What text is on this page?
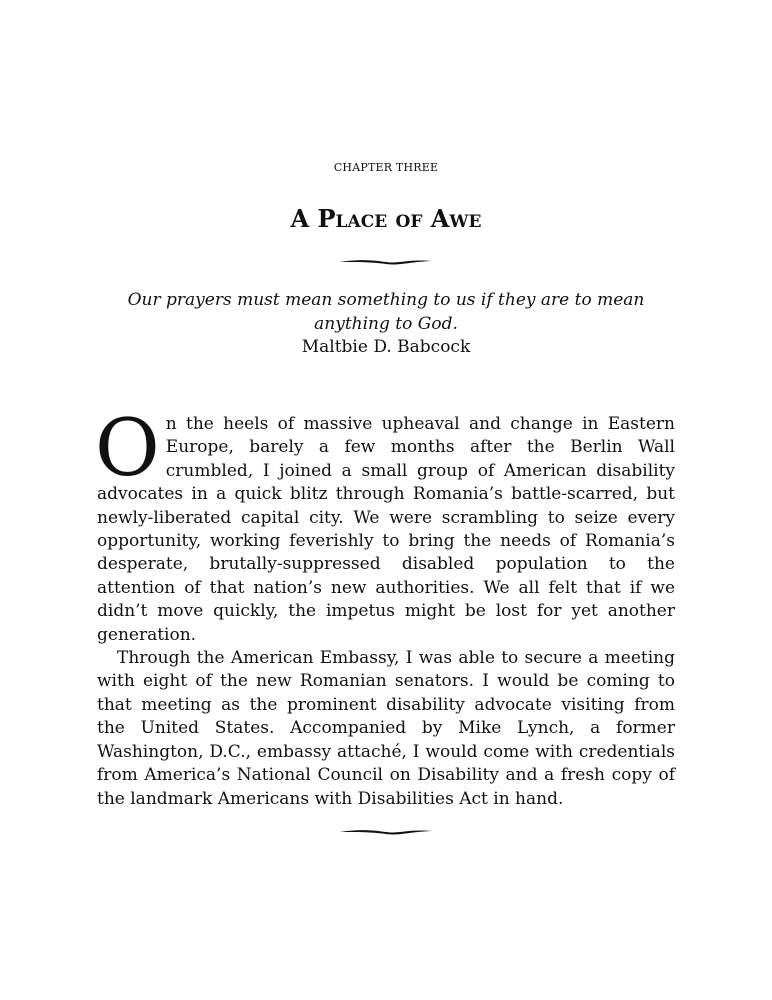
CHAPTER THREE
A Place of Awe
Our prayers must mean something to us if they are to mean anything to God.
Maltbie D. Babcock

On the heels of massive upheaval and change in Eastern Europe, barely a few months after the Berlin Wall crumbled, I joined a small group of American disability advocates in a quick blitz through Romania’s battle-scarred, but newly-liberated capital city. We were scrambling to seize every opportunity, working feverishly to bring the needs of Romania’s desperate, brutally-suppressed disabled population to the attention of that nation’s new authorities. We all felt that if we didn’t move quickly, the impetus might be lost for yet another generation.

Through the American Embassy, I was able to secure a meeting with eight of the new Romanian senators. I would be coming to that meeting as the prominent disability advocate visiting from the United States. Accompanied by Mike Lynch, a former Washington, D.C., embassy attaché, I would come with credentials from America’s National Council on Disability and a fresh copy of the landmark Americans with Disabilities Act in hand.
